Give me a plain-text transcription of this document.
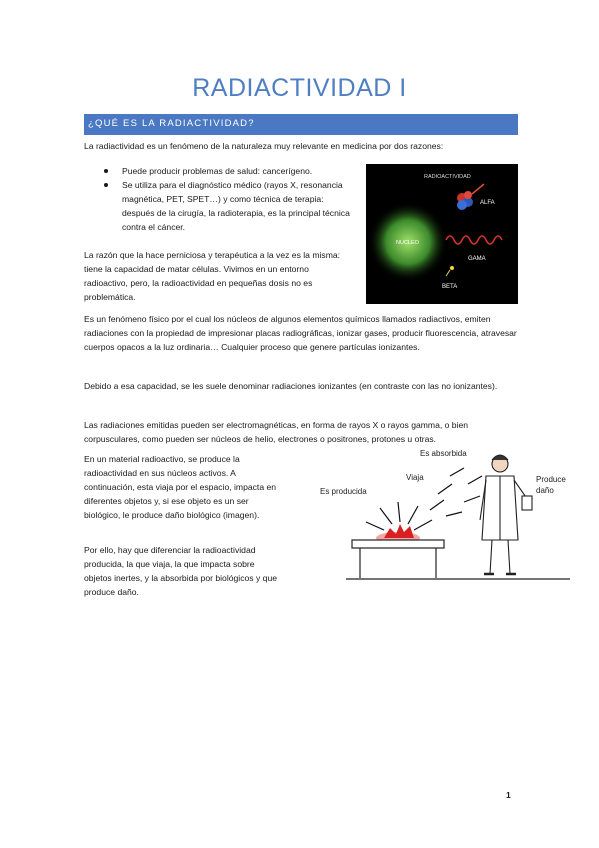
RADIACTIVIDAD I
¿QUÉ ES LA RADIACTIVIDAD?

La radiactividad es un fenómeno de la naturaleza muy relevante en medicina por dos razones:

Puede producir problemas de salud: cancerígeno.
Se utiliza para el diagnóstico médico (rayos X, resonancia magnética, PET, SPET…) y como técnica de terapia: después de la cirugía, la radioterapia, es la principal técnica contra el cáncer.

La razón que la hace perniciosa y terapéutica a la vez es la misma: tiene la capacidad de matar células. Vivimos en un entorno radioactivo, pero, la radioactividad en pequeñas dosis no es problemática.

RADIOACTIVIDAD
ALFA
NUCLEO
GAMA
BETA

Es un fenómeno físico por el cual los núcleos de algunos elementos químicos llamados radiactivos, emiten radiaciones con la propiedad de impresionar placas radiográficas, ionizar gases, producir fluorescencia, atravesar cuerpos opacos a la luz ordinaria… Cualquier proceso que genere partículas ionizantes.

Debido a esa capacidad, se les suele denominar radiaciones ionizantes (en contraste con las no ionizantes).

Las radiaciones emitidas pueden ser electromagnéticas, en forma de rayos X o rayos gamma, o bien corpusculares, como pueden ser núcleos de helio, electrones o positrones, protones u otras.

En un material radioactivo, se produce la radioactividad en sus núcleos activos. A continuación, esta viaja por el espacio, impacta en diferentes objetos y, si ese objeto es un ser biológico, le produce daño biológico (imagen).

Por ello, hay que diferenciar la radioactividad producida, la que viaja, la que impacta sobre objetos inertes, y la absorbida por biológicos y que produce daño.

Es producida
Viaja
Es absorbida
Produce
daño
1
